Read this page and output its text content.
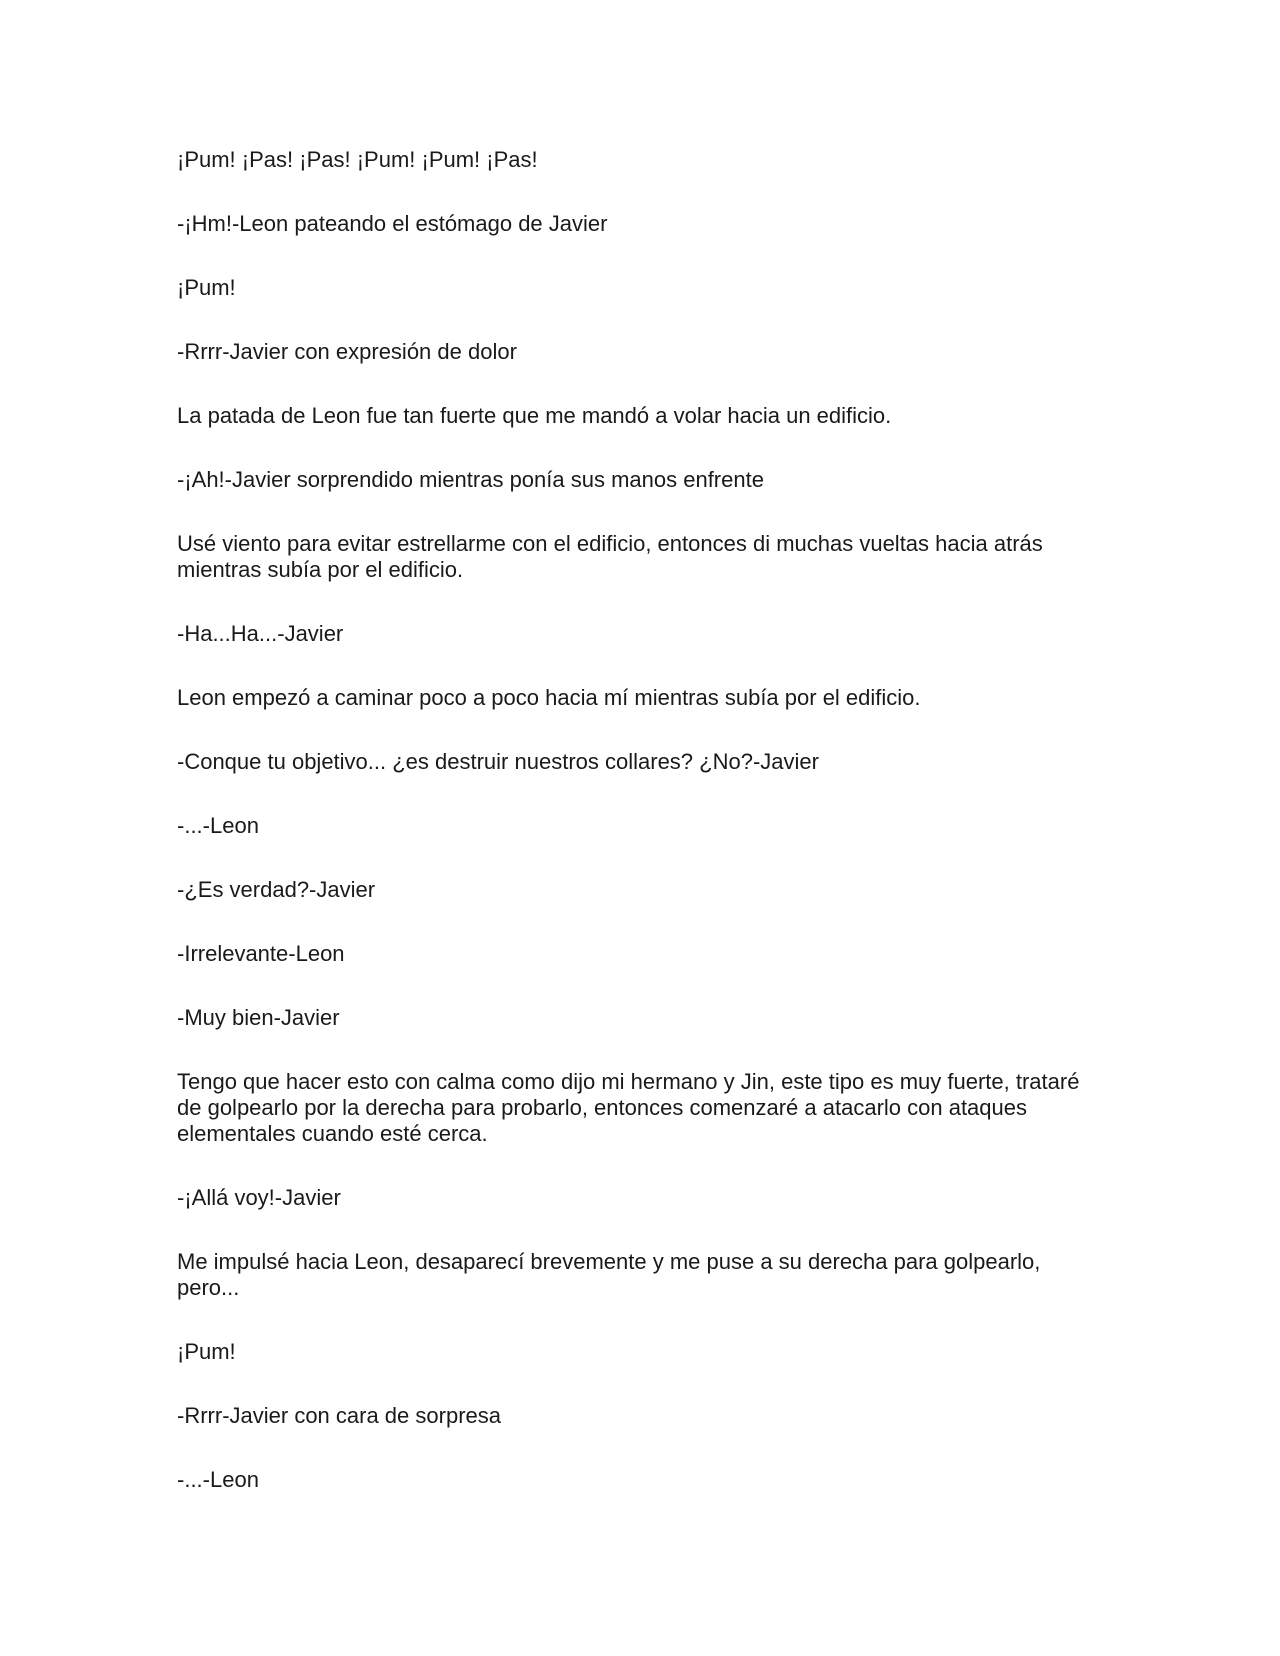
¡Pum! ¡Pas! ¡Pas! ¡Pum! ¡Pum! ¡Pas!

-¡Hm!-Leon pateando el estómago de Javier

¡Pum!

-Rrrr-Javier con expresión de dolor

La patada de Leon fue tan fuerte que me mandó a volar hacia un edificio.

-¡Ah!-Javier sorprendido mientras ponía sus manos enfrente

Usé viento para evitar estrellarme con el edificio, entonces di muchas vueltas hacia atrás mientras subía por el edificio.

-Ha...Ha...-Javier

Leon empezó a caminar poco a poco hacia mí mientras subía por el edificio.

-Conque tu objetivo... ¿es destruir nuestros collares? ¿No?-Javier

-...-Leon

-¿Es verdad?-Javier

-Irrelevante-Leon

-Muy bien-Javier

Tengo que hacer esto con calma como dijo mi hermano y Jin, este tipo es muy fuerte, trataré de golpearlo por la derecha para probarlo, entonces comenzaré a atacarlo con ataques elementales cuando esté cerca.

-¡Allá voy!-Javier

Me impulsé hacia Leon, desaparecí brevemente y me puse a su derecha para golpearlo, pero...

¡Pum!

-Rrrr-Javier con cara de sorpresa

-...-Leon
